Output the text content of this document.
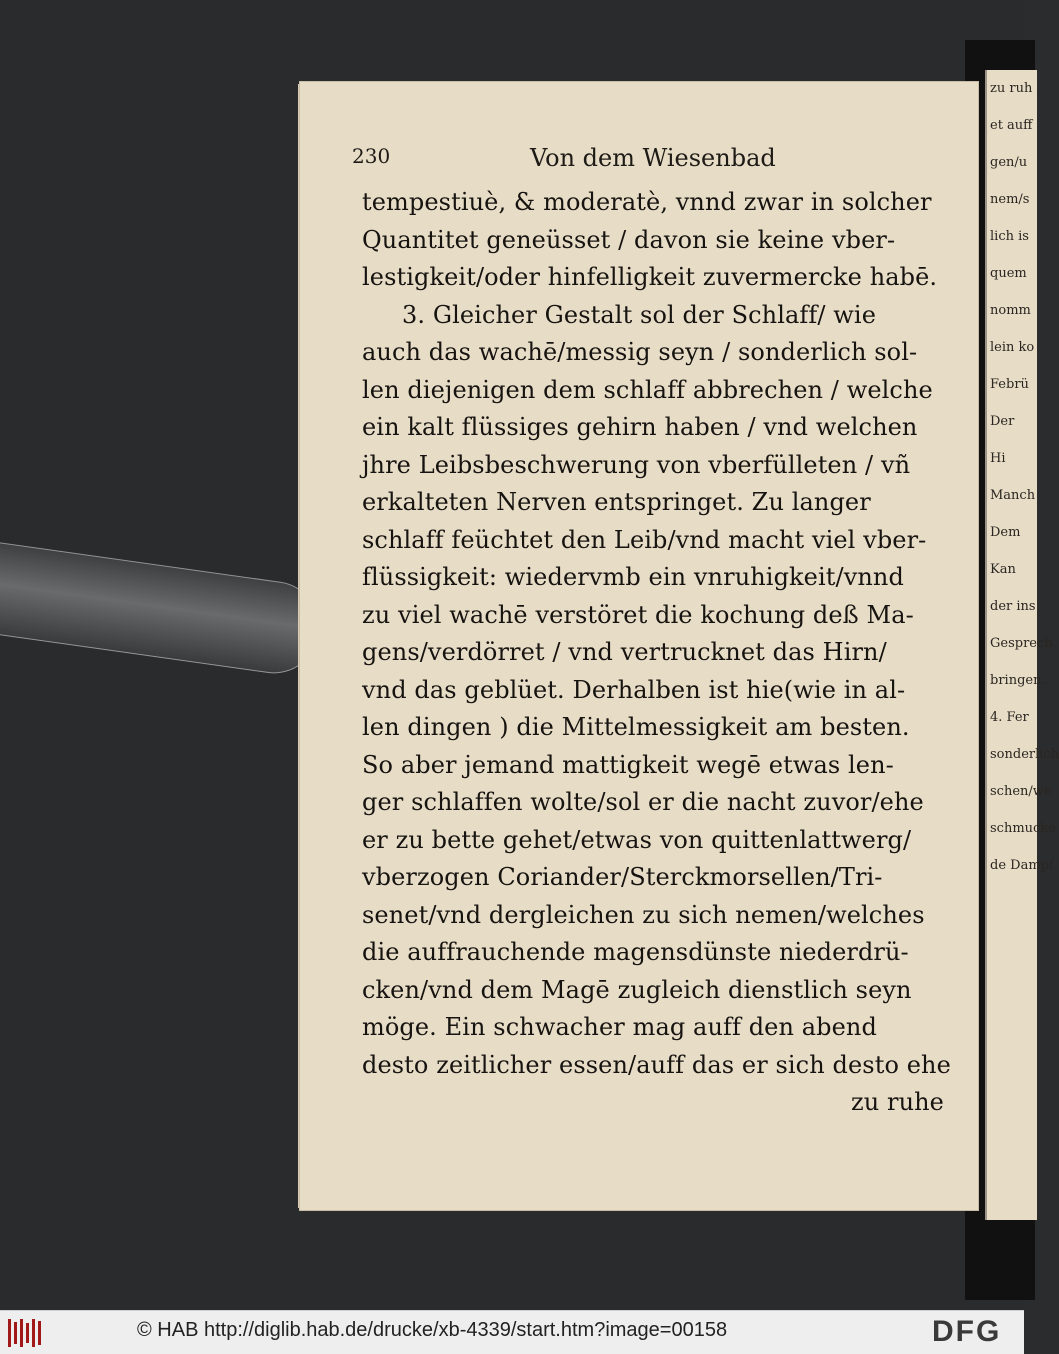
zu ruh
et auff
gen/u
nem/s
lich is
quem
nomm
lein ko
Febrü
Der
Hi
Manch
Dem
Kan
der ins
Gesprech
bringen.
4. Fer
sonderlich
schen/we
schmucke
de Dampf
230	Von dem Wiesenbad
tempestiuè, & moderatè, vnnd zwar in solcher
Quantitet geneüsset / davon sie keine vber‑
lestigkeit/oder hinfelligkeit zuvermercke habē.
3. Gleicher Gestalt sol der Schlaff/ wie
auch das wachē/messig seyn / sonderlich sol‑
len diejenigen dem schlaff abbrechen / welche
ein kalt flüssiges gehirn haben / vnd welchen
jhre Leibsbeschwerung von vberfülleten / vñ
erkalteten Nerven entspringet. Zu langer
schlaff feüchtet den Leib/vnd macht viel vber‑
flüssigkeit: wiedervmb ein vnruhigkeit/vnnd
zu viel wachē verstöret die kochung deß Ma‑
gens/verdörret / vnd vertrucknet das Hirn/
vnd das geblüet. Derhalben ist hie(wie in al‑
len dingen ) die Mittelmessigkeit am besten.
So aber jemand mattigkeit wegē etwas len‑
ger schlaffen wolte/sol er die nacht zuvor/ehe
er zu bette gehet/etwas von quittenlattwerg/
vberzogen Coriander/Sterckmorsellen/Tri‑
senet/vnd dergleichen zu sich nemen/welches
die auffrauchende magensdünste niederdrü‑
cken/vnd dem Magē zugleich dienstlich seyn
möge. Ein schwacher mag auff den abend
desto zeitlicher essen/auff das er sich desto ehe
zu ruhe
© HAB http://diglib.hab.de/drucke/xb-4339/start.htm?image=00158	DFG
